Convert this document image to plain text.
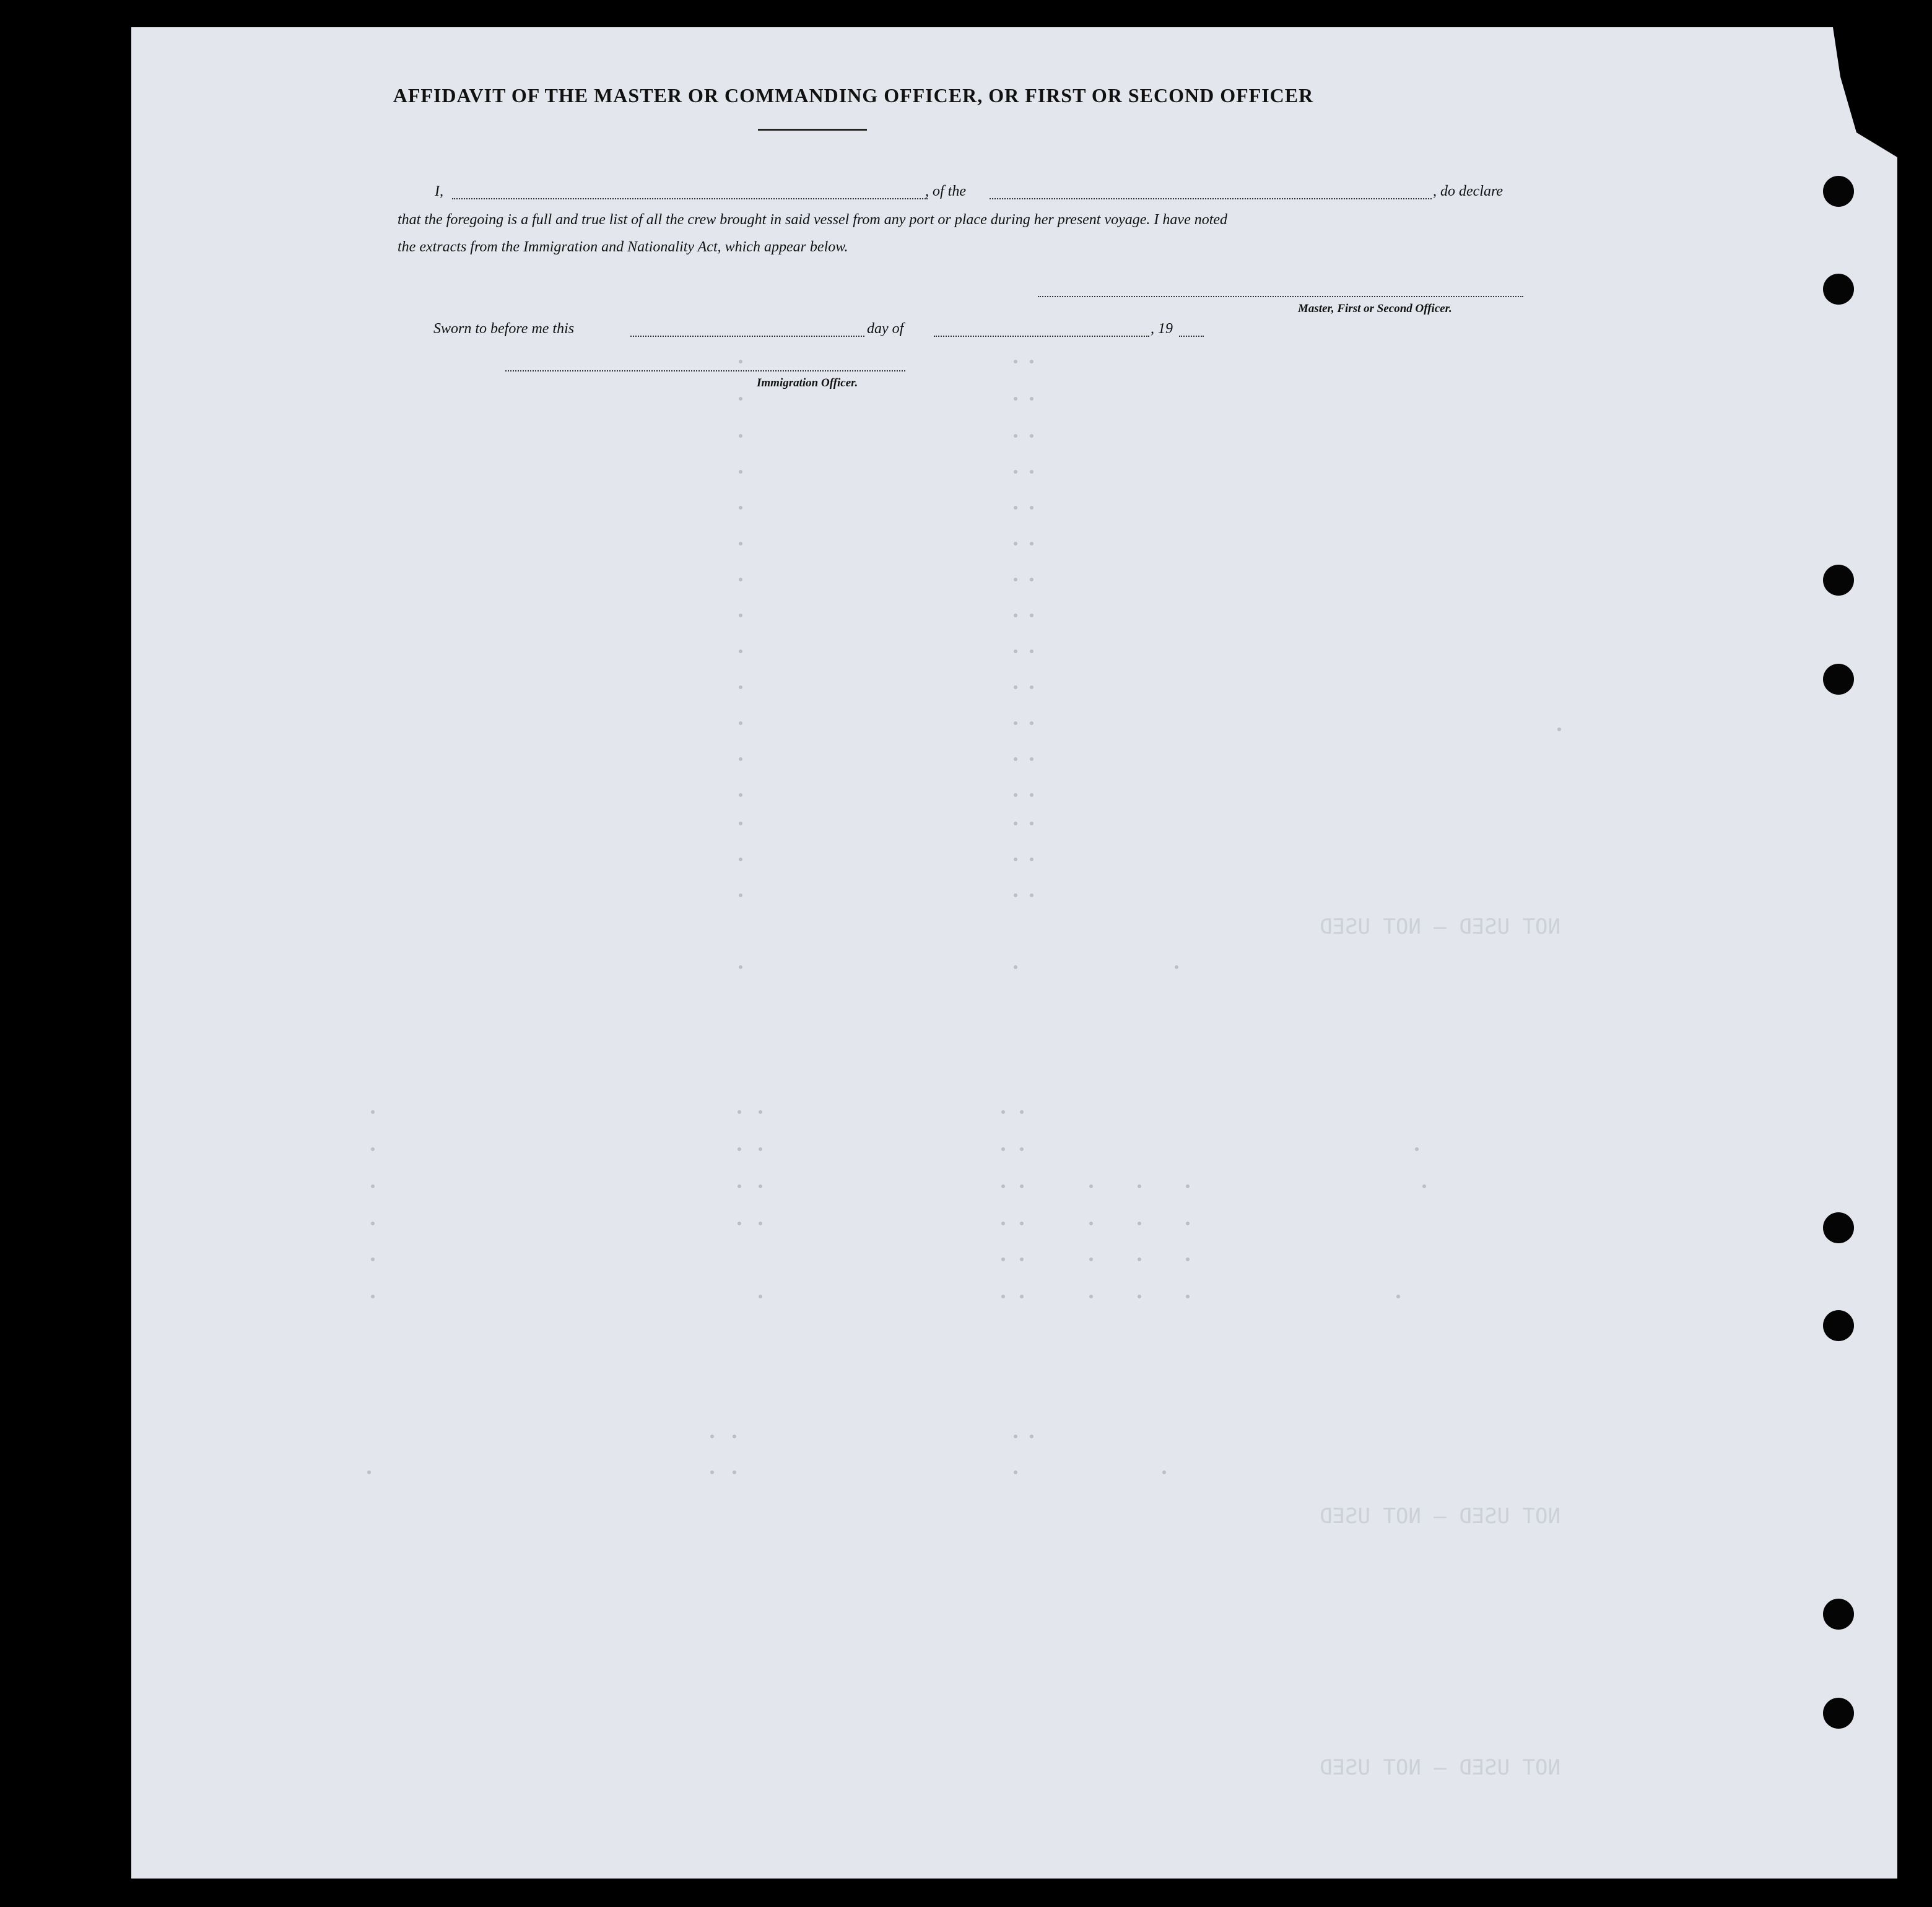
AFFIDAVIT OF THE MASTER OR COMMANDING OFFICER, OR FIRST OR SECOND OFFICER
I,	, of the	, do declare
that the foregoing is a full and true list of all the crew brought in said vessel from any port or place during her present voyage. I have noted
the extracts from the Immigration and Nationality Act, which appear below.
Master, First or Second Officer.
Sworn to before me this	day of	, 19
Immigration Officer.
NOT USED — NOT USED
NOT USED — NOT USED
NOT USED — NOT USED
